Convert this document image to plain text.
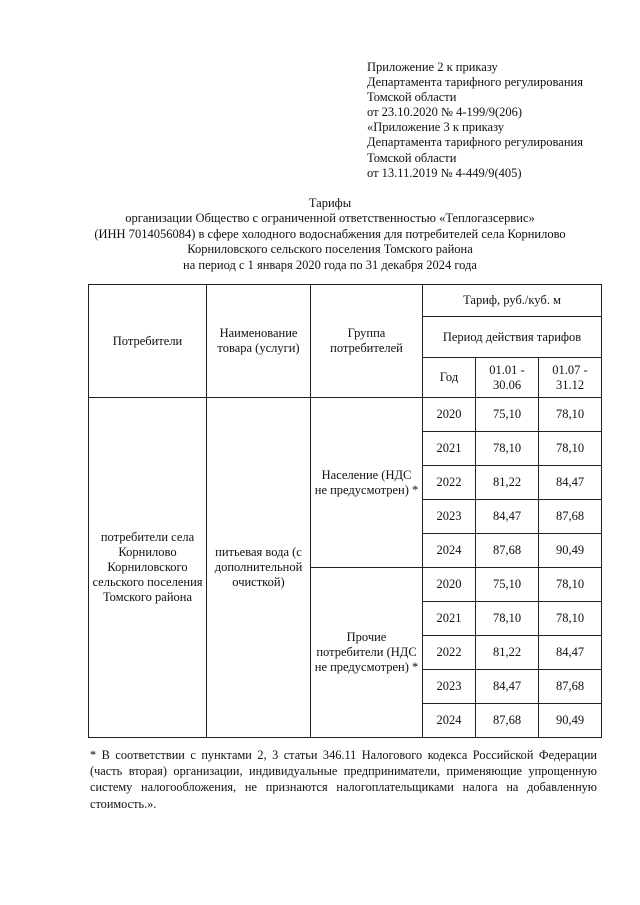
Приложение 2 к приказу
Департамента тарифного регулирования
Томской области
от 23.10.2020 № 4-199/9(206)
«Приложение 3 к приказу
Департамента тарифного регулирования
Томской области
от 13.11.2019 № 4-449/9(405)
Тарифы
организации Общество с ограниченной ответственностью «Теплогазсервис»
(ИНН 7014056084) в сфере холодного водоснабжения для потребителей села Корнилово
Корниловского сельского поселения Томского района
на период с 1 января 2020 года по 31 декабря 2024 года
Потребители	Наименование товара (услуги)	Группа потребителей	Тариф, руб./куб. м		
			Период действия тарифов		
			Год	01.01 - 30.06	01.07 - 31.12
потребители села Корнилово Корниловского сельского поселения Томского района	питьевая вода (с дополнительной очисткой)	Население (НДС не предусмотрен) *	2020	75,10	78,10
			2021	78,10	78,10
			2022	81,22	84,47
			2023	84,47	87,68
			2024	87,68	90,49
		Прочие потребители (НДС не предусмотрен) *	2020	75,10	78,10
			2021	78,10	78,10
			2022	81,22	84,47
			2023	84,47	87,68
			2024	87,68	90,49
* В соответствии с пунктами 2, 3 статьи 346.11 Налогового кодекса Российской Федерации (часть вторая) организации, индивидуальные предприниматели, применяющие упрощенную систему налогообложения, не признаются налогоплательщиками налога на добавленную стоимость.».
